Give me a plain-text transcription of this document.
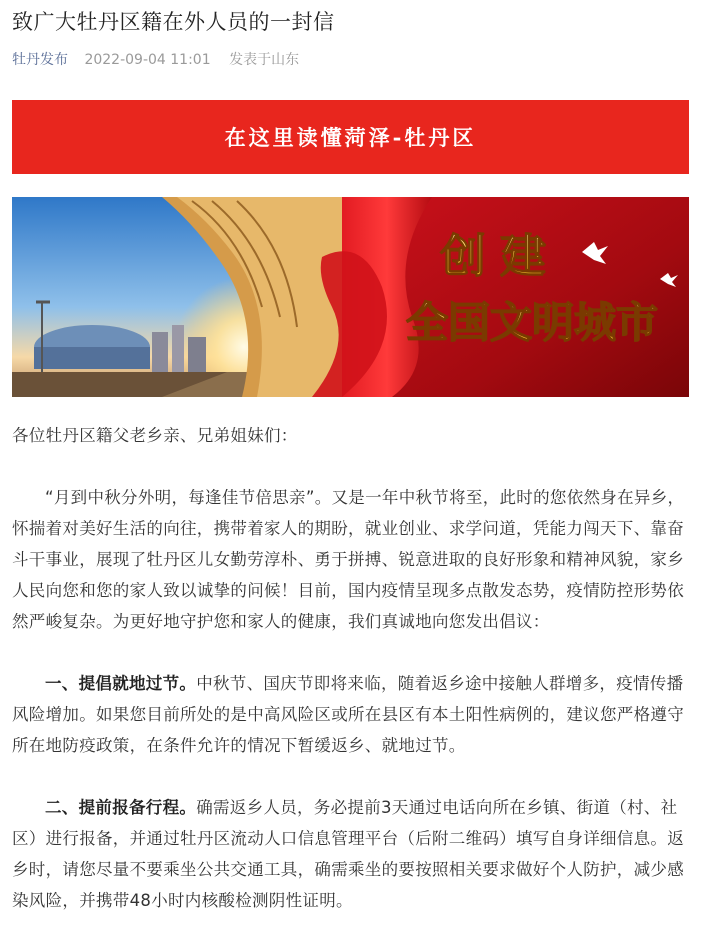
致广大牡丹区籍在外人员的一封信
牡丹发布 2022-09-04 11:01 发表于山东
在这里读懂菏泽-牡丹区
创建
全国文明城市

各位牡丹区籍父老乡亲、兄弟姐妹们：

“月到中秋分外明，每逢佳节倍思亲”。又是一年中秋节将至，此时的您依然身在异乡，怀揣着对美好生活的向往，携带着家人的期盼，就业创业、求学问道，凭能力闯天下、靠奋斗干事业，展现了牡丹区儿女勤劳淳朴、勇于拼搏、锐意进取的良好形象和精神风貌，家乡人民向您和您的家人致以诚挚的问候！目前，国内疫情呈现多点散发态势，疫情防控形势依然严峻复杂。为更好地守护您和家人的健康，我们真诚地向您发出倡议：

一、提倡就地过节。中秋节、国庆节即将来临，随着返乡途中接触人群增多，疫情传播风险增加。如果您目前所处的是中高风险区或所在县区有本土阳性病例的，建议您严格遵守所在地防疫政策，在条件允许的情况下暂缓返乡、就地过节。

二、提前报备行程。确需返乡人员，务必提前3天通过电话向所在乡镇、街道（村、社区）进行报备，并通过牡丹区流动人口信息管理平台（后附二维码）填写自身详细信息。返乡时，请您尽量不要乘坐公共交通工具，确需乘坐的要按照相关要求做好个人防护，减少感染风险，并携带48小时内核酸检测阴性证明。
